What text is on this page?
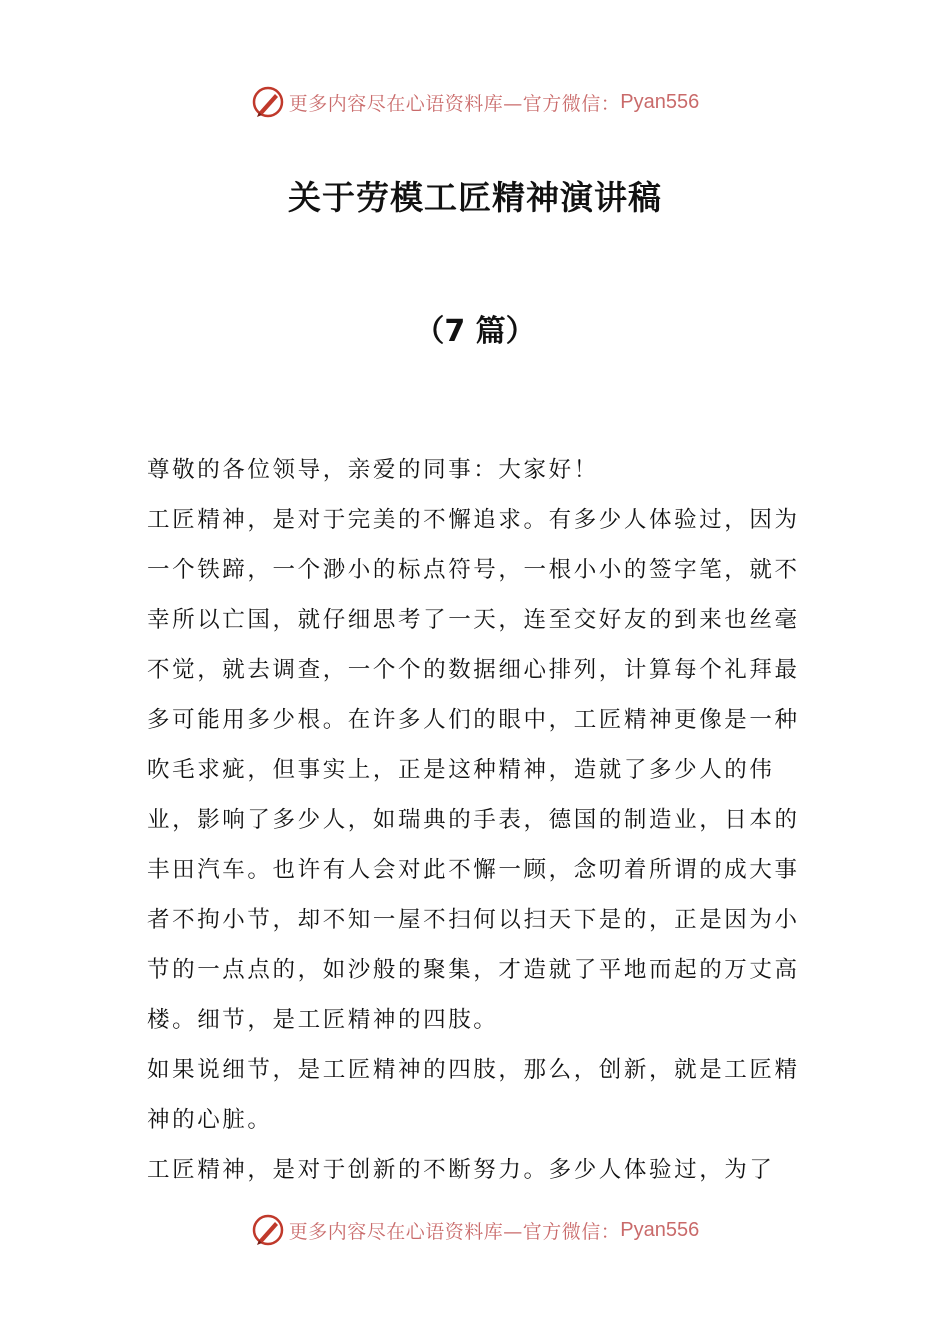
更多内容尽在心语资料库—官方微信： Pyan556
关于劳模工匠精神演讲稿
（7 篇）

尊敬的各位领导，亲爱的同事：大家好！

工匠精神，是对于完美的不懈追求。有多少人体验过，因为一个铁蹄，一个渺小的标点符号，一根小小的签字笔，就不幸所以亡国，就仔细思考了一天，连至交好友的到来也丝毫不觉，就去调查，一个个的数据细心排列，计算每个礼拜最多可能用多少根。在许多人们的眼中，工匠精神更像是一种吹毛求疵，但事实上，正是这种精神，造就了多少人的伟业，影响了多少人，如瑞典的手表，德国的制造业，日本的丰田汽车。也许有人会对此不懈一顾，念叨着所谓的成大事者不拘小节，却不知一屋不扫何以扫天下是的，正是因为小节的一点点的，如沙般的聚集，才造就了平地而起的万丈高楼。细节，是工匠精神的四肢。

如果说细节，是工匠精神的四肢，那么，创新，就是工匠精神的心脏。

工匠精神，是对于创新的不断努力。多少人体验过，为了

更多内容尽在心语资料库—官方微信： Pyan556
